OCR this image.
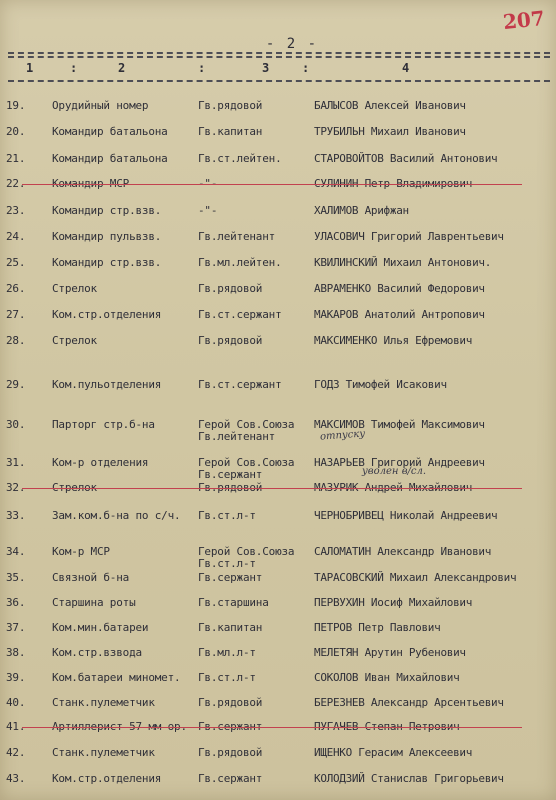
207
- 2 -
1	:	2	:	3	:	4
19.	Орудийный номер	Гв.рядовой	БАЛЫСОВ Алексей Иванович
20.	Командир батальона	Гв.капитан	ТРУБИЛЬН Михаил Иванович
21.	Командир батальона	Гв.ст.лейтен.	СТАРОВОЙТОВ Василий Антонович
22.	Командир МСР	-"-	СУЛИНИН Петр Владимирович
23.	Командир стр.взв.	-"-	ХАЛИМОВ Арифжан
24.	Командир пульвзв.	Гв.лейтенант	УЛАСОВИЧ Григорий Лаврентьевич
25.	Командир стр.взв.	Гв.мл.лейтен.	КВИЛИНСКИЙ Михаил Антонович.
26.	Стрелок	Гв.рядовой	АВРАМЕНКО Василий Федорович
27.	Ком.стр.отделения	Гв.ст.сержант	МАКАРОВ Анатолий Антропович
28.	Стрелок	Гв.рядовой	МАКСИМЕНКО Илья Ефремович
29.	Ком.пульотделения	Гв.ст.сержант	ГОДЗ Тимофей Исакович
30.	Парторг стр.б-на	Герой Сов.Союза	МАКСИМОВ Тимофей Максимович
Гв.лейтенант
31.	Ком-р отделения	Герой Сов.Союза	НАЗАРЬЕВ Григорий Андреевич
Гв.сержант
32.	Стрелок	Гв.рядовой	МАЗУРИК Андрей Михайлович
33.	Зам.ком.б-на по с/ч.	Гв.ст.л-т	ЧЕРНОБРИВЕЦ Николай Андреевич
34.	Ком-р МСР	Герой Сов.Союза	САЛОМАТИН Александр Иванович
Гв.ст.л-т
35.	Связной б-на	Гв.сержант	ТАРАСОВСКИЙ Михаил Александрович
36.	Старшина роты	Гв.старшина	ПЕРВУХИН Иосиф Михайлович
37.	Ком.мин.батареи	Гв.капитан	ПЕТРОВ Петр Павлович
38.	Ком.стр.взвода	Гв.мл.л-т	МЕЛЕТЯН Арутин Рубенович
39.	Ком.батареи миномет.	Гв.ст.л-т	СОКОЛОВ Иван Михайлович
40.	Станк.пулеметчик	Гв.рядовой	БЕРЕЗНЕВ Александр Арсентьевич
41.	Артиллерист 57 мм ор.	Гв.сержант	ПУГАЧЕВ Степан Петрович
42.	Станк.пулеметчик	Гв.рядовой	ИЩЕНКО Герасим Алексеевич
43.	Ком.стр.отделения	Гв.сержант	КОЛОДЗИЙ Станислав Григорьевич
отпуску
уволен в/сл.
